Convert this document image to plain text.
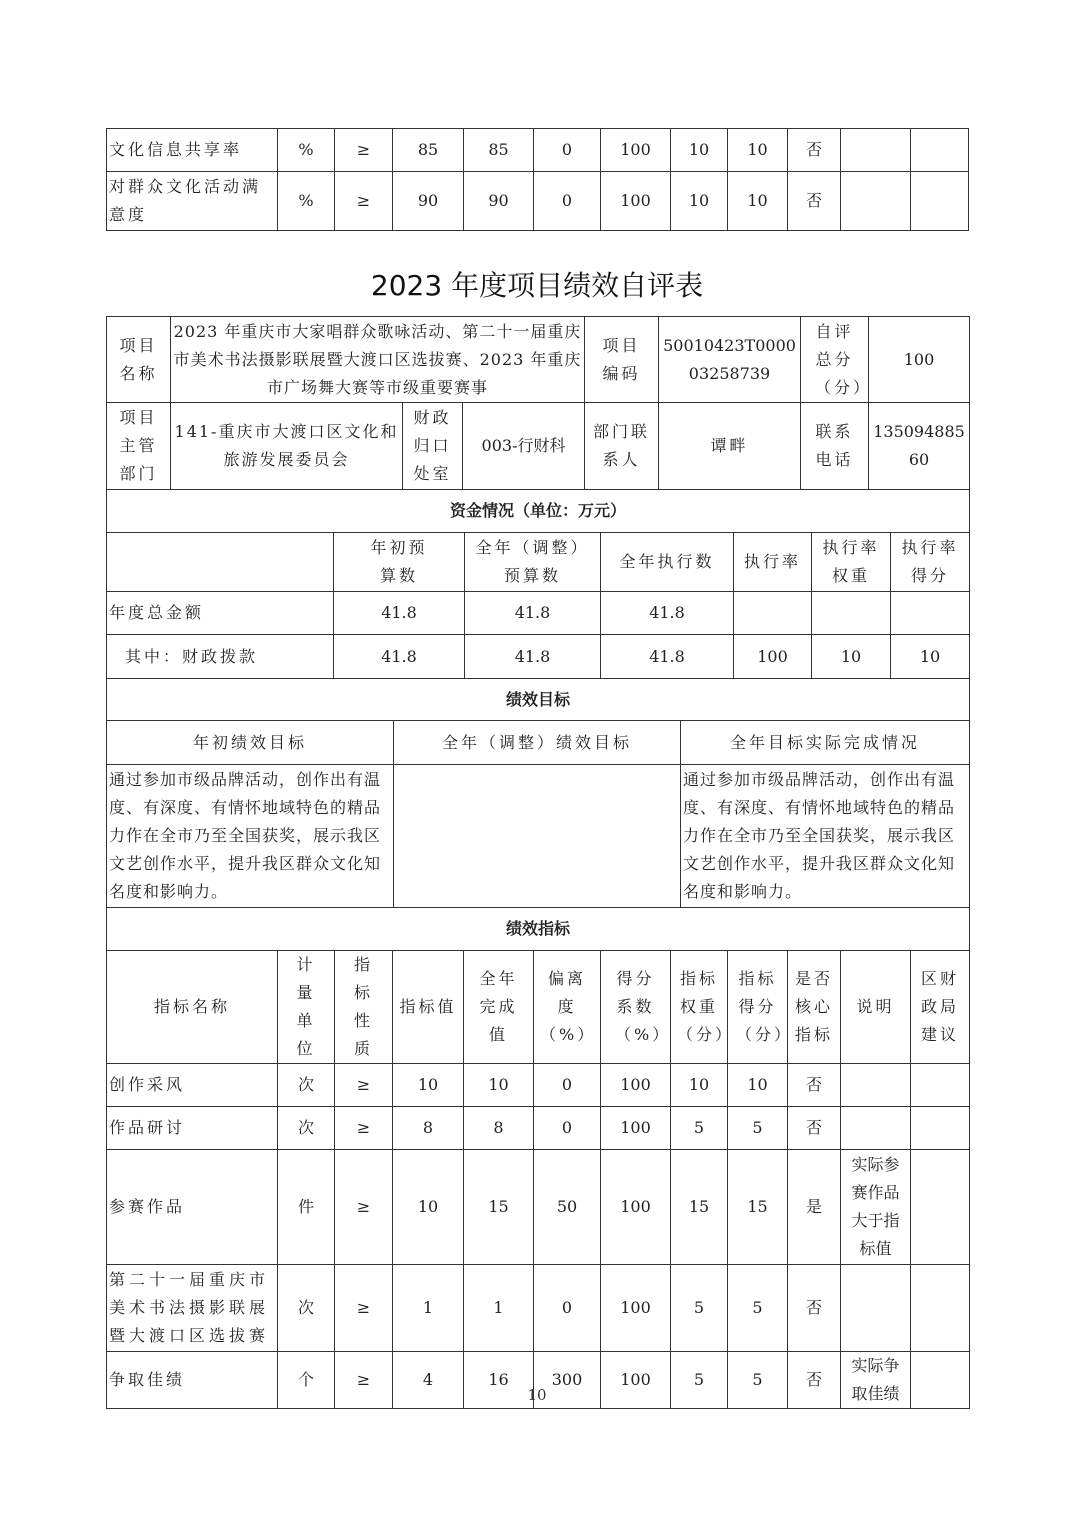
文化信息共享率	%	≥	85	85	0	100	10	10	否		
对群众文化活动满意度	%	≥	90	90	0	100	10	10	否		
2023 年度项目绩效自评表
项目名称	2023 年重庆市大家唱群众歌咏活动、第二十一届重庆市美术书法摄影联展暨大渡口区选拔赛、2023 年重庆市广场舞大赛等市级重要赛事			项目编码	50010423T000003258739	自评总分（分）	100
项目主管部门	141-重庆市大渡口区文化和旅游发展委员会	财政归口处室	003-行财科	部门联系人	谭畔	联系电话	13509488560
资金情况（单位：万元）						
	年初预算数	全年（调整）预算数	全年执行数	执行率	执行率权重	执行率得分
年度总金额	41.8	41.8	41.8			
其中：财政拨款	41.8	41.8	41.8	100	10	10
绩效目标		
年初绩效目标	全年（调整）绩效目标	全年目标实际完成情况
通过参加市级品牌活动，创作出有温度、有深度、有情怀地域特色的精品力作在全市乃至全国获奖，展示我区文艺创作水平，提升我区群众文化知名度和影响力。		通过参加市级品牌活动，创作出有温度、有深度、有情怀地域特色的精品力作在全市乃至全国获奖，展示我区文艺创作水平，提升我区群众文化知名度和影响力。
绩效指标											
指标名称	计量单位	指标性质	指标值	全年完成值	偏离度（%）	得分系数（%）	指标权重（分）	指标得分（分）	是否核心指标	说明	区财政局建议
创作采风	次	≥	10	10	0	100	10	10	否		
作品研讨	次	≥	8	8	0	100	5	5	否		
参赛作品	件	≥	10	15	50	100	15	15	是	实际参赛作品大于指标值	
第二十一届重庆市美术书法摄影联展暨大渡口区选拔赛	次	≥	1	1	0	100	5	5	否		
争取佳绩	个	≥	4	16	300	100	5	5	否	实际争取佳绩	
10
